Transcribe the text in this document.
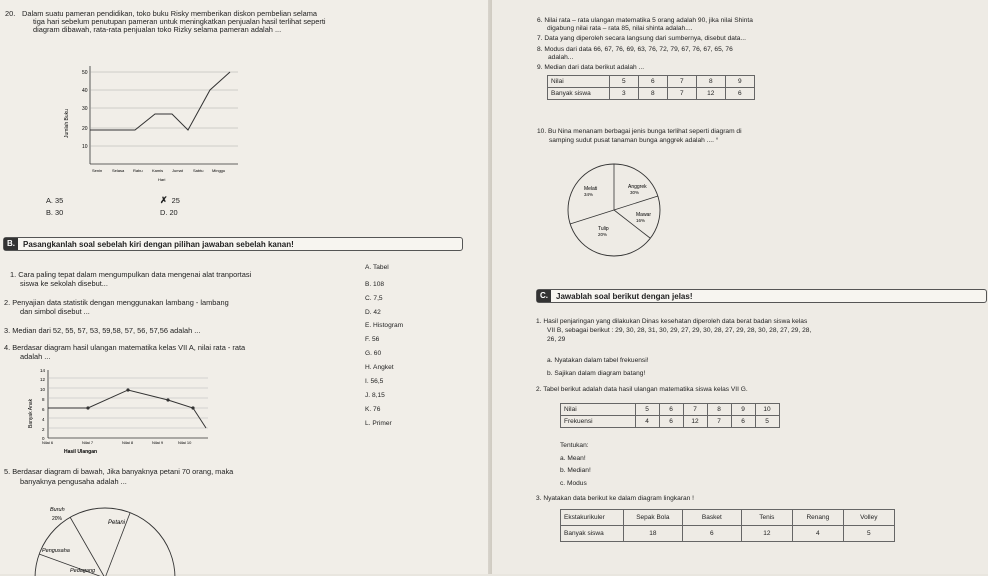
20. Dalam suatu pameran pendidikan, toko buku Risky memberikan diskon pembelian selama
tiga hari sebelum penutupan pameran untuk meningkatkan penjualan hasil terlihat seperti
diagram dibawah, rata-rata penjualan toko Rizky selama pameran adalah ...
50
40
30
20
10
Jumlah Buku
Senin Selasa Rabu Kamis Jumat	Sabtu Minggu
Hari
A. 35	✗ 25
B. 30	D. 20
B.	Pasangkanlah soal sebelah kiri dengan pilihan jawaban sebelah kanan!
1. Cara paling tepat dalam mengumpulkan data mengenai alat tranportasi
siswa ke sekolah disebut...
2. Penyajian data statistik dengan menggunakan lambang - lambang
dan simbol disebut ...
3. Median dari 52, 55, 57, 53, 59,58, 57, 56, 57,56 adalah ...
4. Berdasar diagram hasil ulangan matematika kelas VII A, nilai rata - rata
adalah ...
14
12
10
8
6
4
2
0
Banyak Anak
Nilai 6	Nilai 7	Nilai 8	Nilai 9	Nilai 10
Hasil Ulangan
5. Berdasar diagram di bawah, Jika banyaknya petani 70 orang, maka
banyaknya pengusaha adalah ...
Buruh
20%
Petani
Pengusaha
Pedagang
A. Tabel
B. 108
C. 7,5
D. 42
E. Histogram
F. 56
G. 60
H. Angket
I. 56,5
J. 8,15
K. 76
L. Primer
6. Nilai rata – rata ulangan matematika 5 orang adalah 90, jika nilai Shinta
digabung nilai rata – rata 85, nilai shinta adalah....
7. Data yang diperoleh secara langsung dari sumbernya, disebut data...
8. Modus dari data 66, 67, 76, 69, 63, 76, 72, 79, 67, 76, 67, 65, 76
adalah...
9. Median dari data berikut adalah ...
Nilai	5	6	7	8	9
Banyak siswa	3	8	7	12	6
10. Bu Nina menanam berbagai jenis bunga terlihat seperti diagram di
samping sudut pusat tanaman bunga anggrek adalah .... °
Melati
34%
Anggrek
30%
Mawar
16%
Tulip
20%
C.	Jawablah soal berikut dengan jelas!
1. Hasil penjaringan yang dilakukan Dinas kesehatan diperoleh data berat badan siswa kelas
VII B, sebagai berikut : 29, 30, 28, 31, 30, 29, 27, 29, 30, 28, 27, 29, 28, 30, 28, 27, 29, 28,
26, 29
a. Nyatakan dalam tabel frekuensi!
b. Sajikan dalam diagram batang!
2. Tabel berikut adalah data hasil ulangan matematika siswa kelas VII G.
Nilai	5	6	7	8	9	10
Frekuensi	4	6	12	7	6	5
Tentukan:
a. Mean!
b. Median!
c. Modus
3. Nyatakan data berikut ke dalam diagram lingkaran !
Ekstakurikuler	Sepak Bola	Basket	Tenis	Renang	Volley
Banyak siswa	18	6	12	4	5
